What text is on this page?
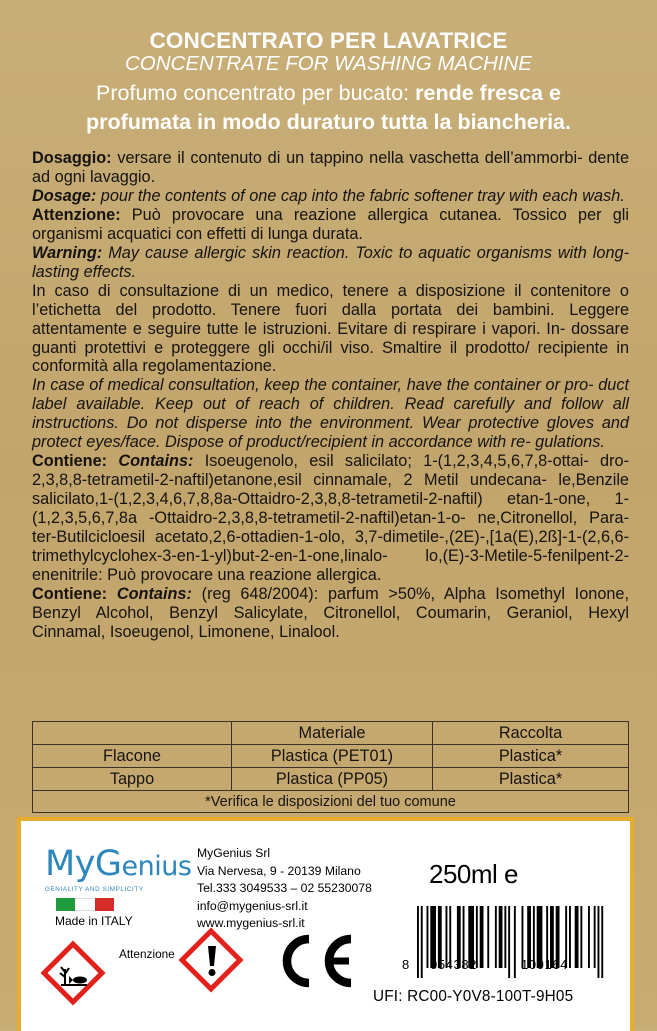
CONCENTRATO PER LAVATRICE
CONCENTRATE FOR WASHING MACHINE
Profumo concentrato per bucato: rende fresca e
profumata in modo duraturo tutta la biancheria.

Dosaggio: versare il contenuto di un tappino nella vaschetta dell’ammorbi- dente ad ogni lavaggio.

Dosage: pour the contents of one cap into the fabric softener tray with each wash.

Attenzione: Può provocare una reazione allergica cutanea. Tossico per gli organismi acquatici con effetti di lunga durata.

Warning: May cause allergic skin reaction. Toxic to aquatic organisms with long-lasting effects.

In caso di consultazione di un medico, tenere a disposizione il contenitore o l’etichetta del prodotto. Tenere fuori dalla portata dei bambini. Leggere attentamente e seguire tutte le istruzioni. Evitare di respirare i vapori. In- dossare guanti protettivi e proteggere gli occhi/il viso. Smaltire il prodotto/ recipiente in conformità alla regolamentazione.

In case of medical consultation, keep the container, have the container or pro- duct label available. Keep out of reach of children. Read carefully and follow all instructions. Do not disperse into the environment. Wear protective gloves and protect eyes/face. Dispose of product/recipient in accordance with re- gulations.

Contiene: Contains: Isoeugenolo, esil salicilato; 1-(1,2,3,4,5,6,7,8-ottai- dro-2,3,8,8-tetrametil-2-naftil)etanone,esil cinnamale, 2 Metil undecana- le,Benzile salicilato,1-(1,2,3,4,6,7,8,8a-Ottaidro-2,3,8,8-tetrametil-2-naftil) etan-1-one, 1-(1,2,3,5,6,7,8a -Ottaidro-2,3,8,8-tetrametil-2-naftil)etan-1-o- ne,Citronellol, Para-ter-Butilcicloesil acetato,2,6-ottadien-1-olo, 3,7-dimetile-,(2E)-,[1a(E),2ß]-1-(2,6,6-trimethylcyclohex-3-en-1-yl)but-2-en-1-one,linalo- lo,(E)-3-Metile-5-fenilpent-2-enenitrile: Può provocare una reazione allergica.

Contiene: Contains: (reg 648/2004): parfum >50%, Alpha Isomethyl Ionone, Benzyl Alcohol, Benzyl Salicylate, Citronellol, Coumarin, Geraniol, Hexyl Cinnamal, Isoeugenol, Limonene, Linalool.

	Materiale	Raccolta
Flacone	Plastica (PET01)	Plastica*
Tappo	Plastica (PP05)	Plastica*
*Verifica le disposizioni del tuo comune		
MyGenius
GENIALITY AND SIMPLICITY
Made in ITALY
MyGenius Srl
Via Nervesa, 9 - 20139 Milano
Tel.333 3049533 – 02 55230078
info@mygenius-srl.it
www.mygenius-srl.it
250ml e
Attenzione
8 054382	100164
UFI: RC00-Y0V8-100T-9H05
